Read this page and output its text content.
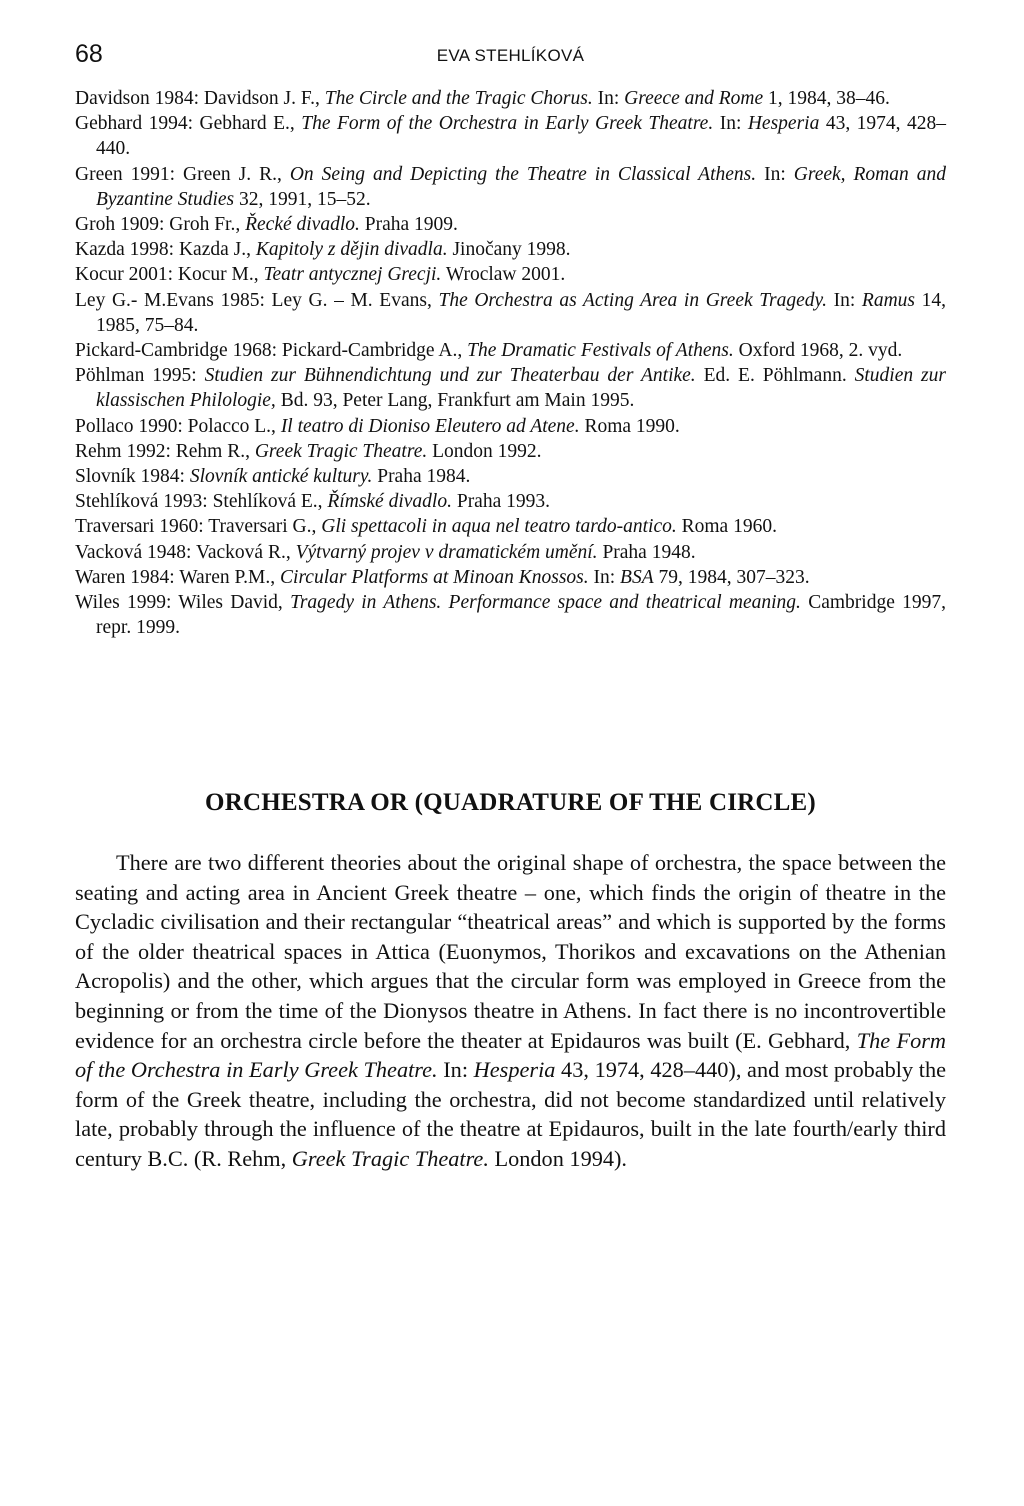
68	EVA STEHLÍKOVÁ
Davidson 1984: Davidson J. F., The Circle and the Tragic Chorus. In: Greece and Rome 1, 1984, 38–46.
Gebhard 1994: Gebhard E., The Form of the Orchestra in Early Greek Theatre. In: Hesperia 43, 1974, 428–440.
Green 1991: Green J. R., On Seing and Depicting the Theatre in Classical Athens. In: Greek, Roman and Byzantine Studies 32, 1991, 15–52.
Groh 1909: Groh Fr., Řecké divadlo. Praha 1909.
Kazda 1998: Kazda J., Kapitoly z dějin divadla. Jinočany 1998.
Kocur 2001: Kocur M., Teatr antycznej Grecji. Wroclaw 2001.
Ley G.- M.Evans 1985: Ley G. – M. Evans, The Orchestra as Acting Area in Greek Tragedy. In: Ramus 14, 1985, 75–84.
Pickard-Cambridge 1968: Pickard-Cambridge A., The Dramatic Festivals of Athens. Oxford 1968, 2. vyd.
Pöhlman 1995: Studien zur Bühnendichtung und zur Theaterbau der Antike. Ed. E. Pöhlmann. Studien zur klassischen Philologie, Bd. 93, Peter Lang, Frankfurt am Main 1995.
Pollaco 1990: Polacco L., Il teatro di Dioniso Eleutero ad Atene. Roma 1990.
Rehm 1992: Rehm R., Greek Tragic Theatre. London 1992.
Slovník 1984: Slovník antické kultury. Praha 1984.
Stehlíková 1993: Stehlíková E., Římské divadlo. Praha 1993.
Traversari 1960: Traversari G., Gli spettacoli in aqua nel teatro tardo-antico. Roma 1960.
Vacková 1948: Vacková R., Výtvarný projev v dramatickém umění. Praha 1948.
Waren 1984: Waren P.M., Circular Platforms at Minoan Knossos. In: BSA 79, 1984, 307–323.
Wiles 1999: Wiles David, Tragedy in Athens. Performance space and theatrical meaning. Cambridge 1997, repr. 1999.
ORCHESTRA OR (QUADRATURE OF THE CIRCLE)

There are two different theories about the original shape of orchestra, the space between the seating and acting area in Ancient Greek theatre – one, which finds the origin of theatre in the Cycladic civilisation and their rectangular “theatrical areas” and which is supported by the forms of the older theatrical spaces in Attica (Euonymos, Thorikos and excavations on the Athenian Acropolis) and the other, which argues that the circular form was employed in Greece from the beginning or from the time of the Dionysos theatre in Athens. In fact there is no incontrovertible evidence for an orchestra circle before the theater at Epidauros was built (E. Gebhard, The Form of the Orchestra in Early Greek Theatre. In: Hesperia 43, 1974, 428–440), and most probably the form of the Greek theatre, including the orchestra, did not become standardized until relatively late, probably through the influence of the theatre at Epidauros, built in the late fourth/early third century B.C. (R. Rehm, Greek Tragic Theatre. London 1994).
